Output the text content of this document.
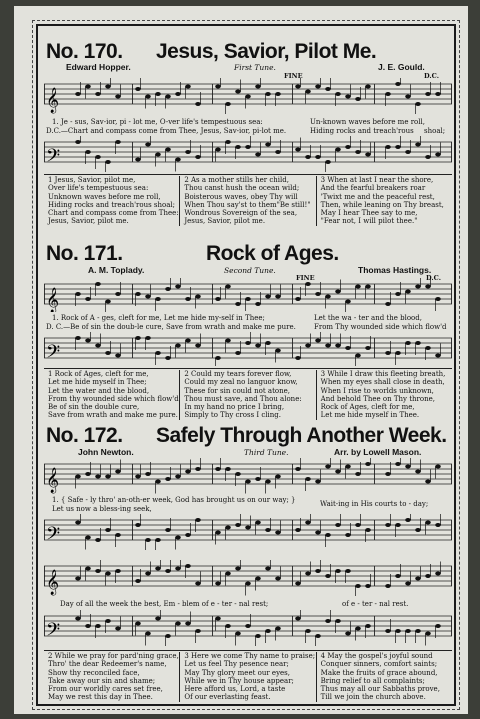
No. 170. Jesus, Savior, Pilot Me.
Edward Hopper.	First Tune.
FINE
J. E. Gould.
D.C.
𝄞
1. Je - sus, Sav-ior, pi - lot me, O-ver life's tempestuous sea:
D.C.—Chart and compass come from Thee, Jesus, Sav-ior, pi-lot me.
Un-known waves before me roll,
Hiding rocks and treach'rous shoal;
𝄢
1 Jesus, Savior, pilot me,
Over life's tempestuous sea:
Unknown waves before me roll,
Hiding rocks and treach'rous shoal;
Chart and compass come from Thee:
Jesus, Savior, pilot me.
2 As a mother stills her child,
Thou canst hush the ocean wild;
Boisterous waves, obey Thy will
When Thou say'st to them"Be still!"
Wondrous Sovereign of the sea,
Jesus, Savior, pilot me.
3 When at last I near the shore,
And the fearful breakers roar
'Twixt me and the peaceful rest,
Then, while leaning on Thy breast,
May I hear Thee say to me,
"Fear not, I will pilot thee."
No. 171.	Rock of Ages.
A. M. Toplady.	Second Tune.
FINE
Thomas Hastings.
D.C.
𝄞
1. Rock of A - ges, cleft for me, Let me hide my-self in Thee;
D. C.—Be of sin the doub-le cure, Save from wrath and make me pure.
Let the wa - ter and the blood,
From Thy wounded side which flow'd
𝄢
1 Rock of Ages, cleft for me,
Let me hide myself in Thee;
Let the water and the blood,
From thy wounded side which flow'd
Be of sin the double cure,
Save from wrath and make me pure.
2 Could my tears forever flow,
Could my zeal no languor know,
These for sin could not atone,
Thou must save, and Thou alone:
In my hand no price I bring,
Simply to Thy cross I cling.
3 While I draw this fleeting breath,
When my eyes shall close in death,
When I rise to worlds unknown,
And behold Thee on Thy throne,
Rock of Ages, cleft for me,
Let me hide myself in Thee.
No. 172. Safely Through Another Week.
John Newton.	Third Tune.	Arr. by Lowell Mason.
𝄞
1. { Safe - ly thro' an-oth-er week, God has brought us on our way; }
Let us now a bless-ing seek,
Wait-ing in His courts to - day;
𝄢
𝄞
Day of all the week the best, Em - blem of e - ter - nal rest;	of e - ter - nal rest.
𝄢
2 While we pray for pard'ning grace,
Thro' the dear Redeemer's name,
Show thy reconciled face,
Take away our sin and shame;
From our worldly cares set free,
May we rest this day in Thee.
3 Here we come Thy name to praise;
Let us feel Thy pesence near;
May Thy glory meet our eyes,
While we in Thy house appear;
Here afford us, Lord, a taste
Of our everlasting feast.
4 May the gospel's joyful sound
Conquer sinners, comfort saints;
Make the fruits of grace abound,
Bring relief to all complaints;
Thus may all our Sabbaths prove,
Till we join the church above.
